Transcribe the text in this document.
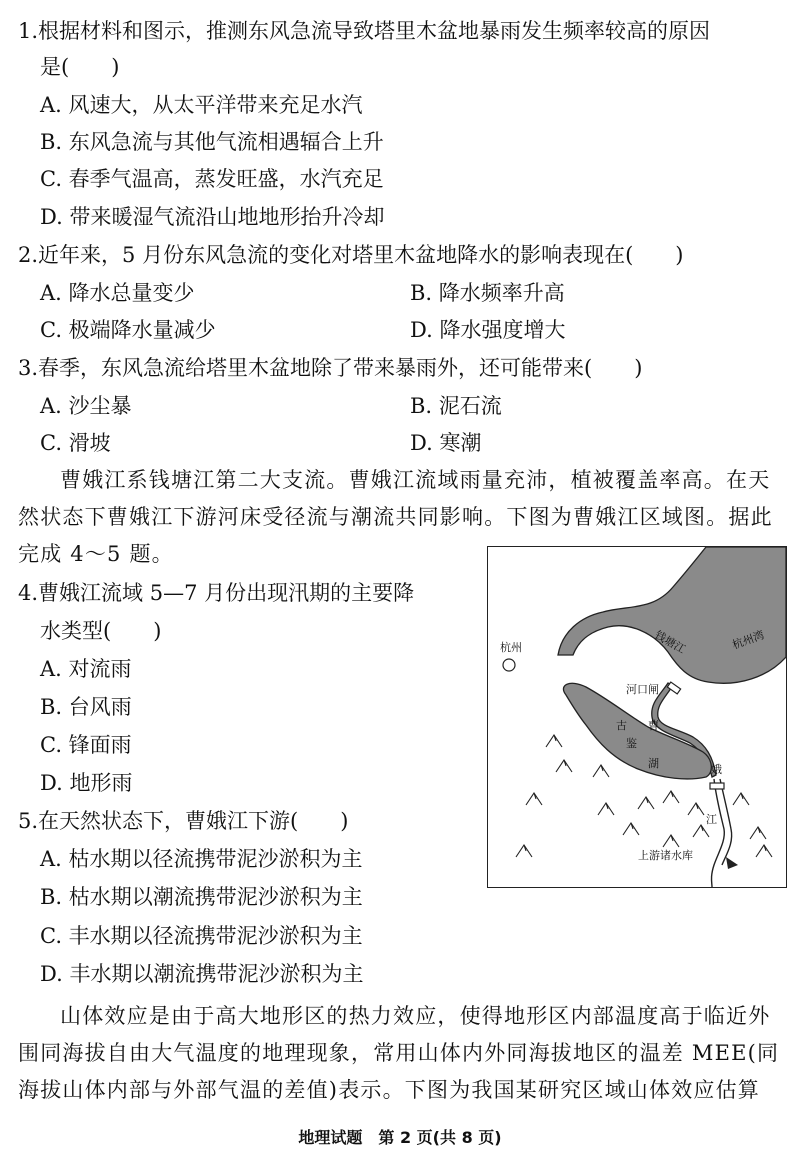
1.根据材料和图示，推测东风急流导致塔里木盆地暴雨发生频率较高的原因
是(　　)
A. 风速大，从太平洋带来充足水汽
B. 东风急流与其他气流相遇辐合上升
C. 春季气温高，蒸发旺盛，水汽充足
D. 带来暖湿气流沿山地地形抬升冷却
2.近年来，5 月份东风急流的变化对塔里木盆地降水的影响表现在(　　)
A. 降水总量变少	B. 降水频率升高
C. 极端降水量减少	D. 降水强度增大
3.春季，东风急流给塔里木盆地除了带来暴雨外，还可能带来(　　)
A. 沙尘暴	B. 泥石流
C. 滑坡	D. 寒潮
曹娥江系钱塘江第二大支流。曹娥江流域雨量充沛，植被覆盖率高。在天
然状态下曹娥江下游河床受径流与潮流共同影响。下图为曹娥江区域图。据此
完成 4～5 题。
4.曹娥江流域 5—7 月份出现汛期的主要降
水类型(　　)
A. 对流雨
B. 台风雨
C. 锋面雨
D. 地形雨
5.在天然状态下，曹娥江下游(　　)
A. 枯水期以径流携带泥沙淤积为主
B. 枯水期以潮流携带泥沙淤积为主
C. 丰水期以径流携带泥沙淤积为主
D. 丰水期以潮流携带泥沙淤积为主
山体效应是由于高大地形区的热力效应，使得地形区内部温度高于临近外
围同海拔自由大气温度的地理现象，常用山体内外同海拔地区的温差 MEE(同
海拔山体内部与外部气温的差值)表示。下图为我国某研究区域山体效应估算
杭州	钱塘江	杭州湾
河口闸
曹
娥
江
古
鉴
湖
上游诸水库
地理试题　第 2 页(共 8 页)
